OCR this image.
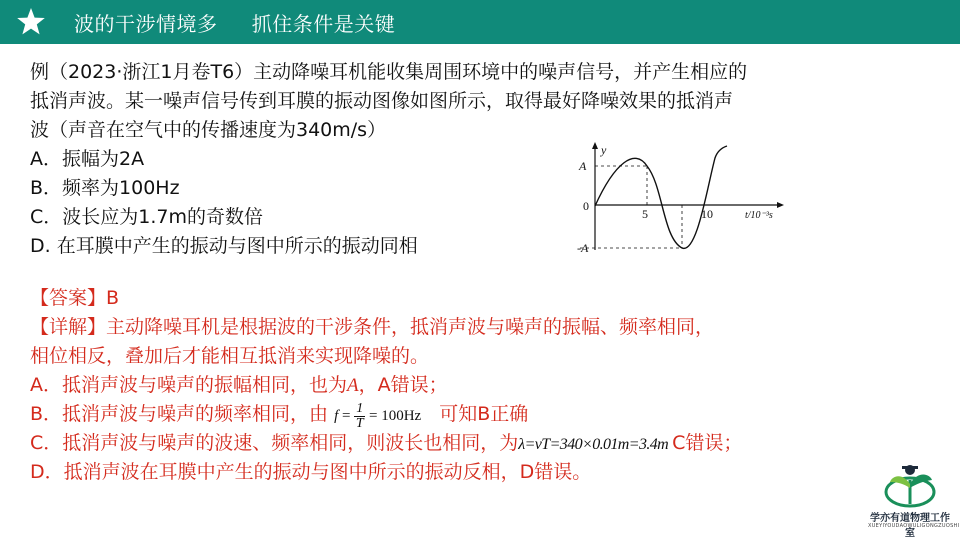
波的干涉情境多     抓住条件是关键
例（2023·浙江1月卷T6）主动降噪耳机能收集周围环境中的噪声信号，并产生相应的
抵消声波。某一噪声信号传到耳膜的振动图像如图所示，取得最好降噪效果的抵消声
波（声音在空气中的传播速度为340m/s）
A．振幅为2A
B．频率为100Hz
C．波长应为1.7m的奇数倍
D. 在耳膜中产生的振动与图中所示的振动同相
y
A
-A
0
5	10	t/10⁻³s
【答案】B
【详解】主动降噪耳机是根据波的干涉条件，抵消声波与噪声的振幅、频率相同，
相位相反，叠加后才能相互抵消来实现降噪的。
A．抵消声波与噪声的振幅相同，也为A，A错误；
B．抵消声波与噪声的频率相同，由 $f = \frac{1}{T} = 100Hz$ 可知B正确
C．抵消声波与噪声的波速、频率相同，则波长也相同，为λ=vT=340×0.01m=3.4m C错误；
D．抵消声波在耳膜中产生的振动与图中所示的振动反相，D错误。
学亦有道物理工作室
XUEYIYOUDAOWULIGONGZUOSHI
